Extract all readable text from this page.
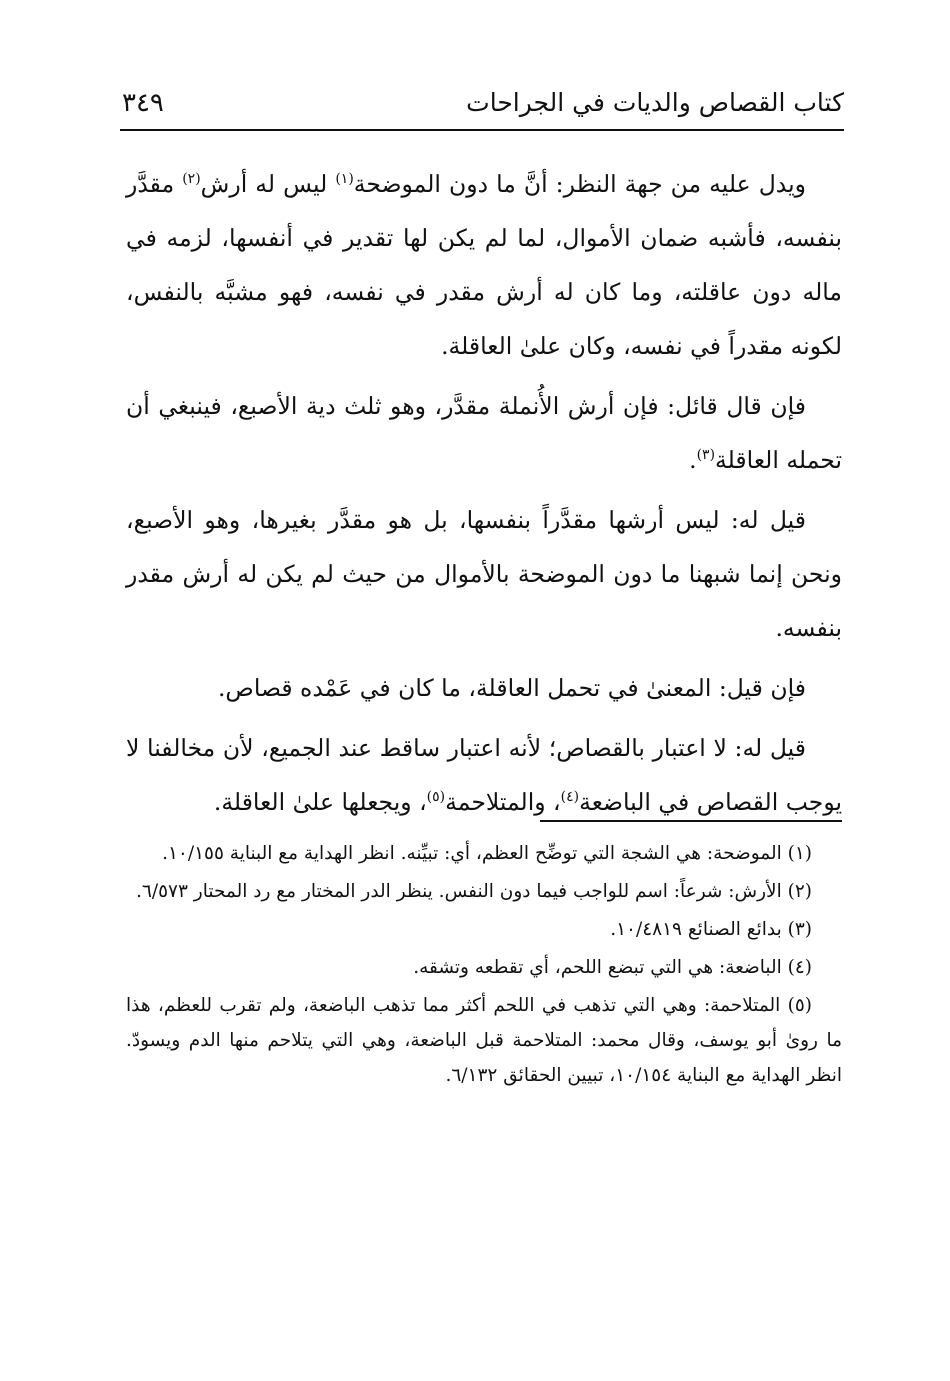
كتاب القصاص والديات في الجراحات
٣٤٩

ويدل عليه من جهة النظر: أنَّ ما دون الموضحة$^{(١)}$ ليس له أرش$^{(٢)}$ مقدَّر بنفسه، فأشبه ضمان الأموال، لما لم يكن لها تقدير في أنفسها، لزمه في ماله دون عاقلته، وما كان له أرش مقدر في نفسه، فهو مشبَّه بالنفس، لكونه مقدراً في نفسه، وكان علىٰ العاقلة.

فإن قال قائل: فإن أرش الأُنملة مقدَّر، وهو ثلث دية الأصبع، فينبغي أن تحمله العاقلة$^{(٣)}$.

قيل له: ليس أرشها مقدَّراً بنفسها، بل هو مقدَّر بغيرها، وهو الأصبع، ونحن إنما شبهنا ما دون الموضحة بالأموال من حيث لم يكن له أرش مقدر بنفسه.

فإن قيل: المعنىٰ في تحمل العاقلة، ما كان في عَمْده قصاص.

قيل له: لا اعتبار بالقصاص؛ لأنه اعتبار ساقط عند الجميع، لأن مخالفنا لا يوجب القصاص في الباضعة$^{(٤)}$، والمتلاحمة$^{(٥)}$، ويجعلها علىٰ العاقلة.

(١) الموضحة: هي الشجة التي توضِّح العظم، أي: تبيِّنه. انظر الهداية مع البناية ١٠/١٥٥.

(٢) الأرش: شرعاً: اسم للواجب فيما دون النفس. ينظر الدر المختار مع رد المحتار ٦/٥٧٣.

(٣) بدائع الصنائع ١٠/٤٨١٩.

(٤) الباضعة: هي التي تبضع اللحم، أي تقطعه وتشقه.

(٥) المتلاحمة: وهي التي تذهب في اللحم أكثر مما تذهب الباضعة، ولم تقرب للعظم، هذا ما روىٰ أبو يوسف، وقال محمد: المتلاحمة قبل الباضعة، وهي التي يتلاحم منها الدم ويسودّ. انظر الهداية مع البناية ١٠/١٥٤، تبيين الحقائق ٦/١٣٢.
